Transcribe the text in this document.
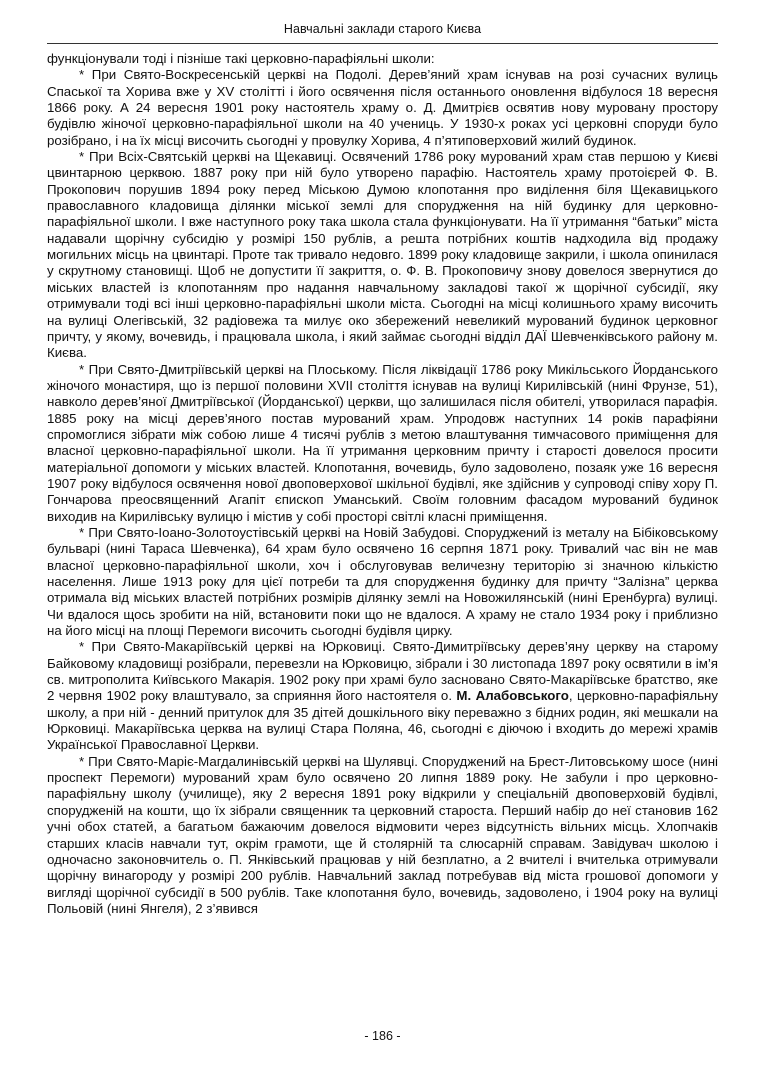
Навчальні заклади старого Києва

функціонували тоді і пізніше такі церковно-парафіяльні школи:

* При Свято-Воскресенській церкві на Подолі. Дерев’яний храм існував на розі сучасних вулиць Спаської та Хорива вже у XV столітті і його освячення після останнього оновлення відбулося 18 вересня 1866 року. А 24 вересня 1901 року настоятель храму о. Д. Дмитрієв освятив нову муровану простору будівлю жіночої церковно-парафіяльної школи на 40 учениць. У 1930-х роках усі церковні споруди було розібрано, і на їх місці височить сьогодні у провулку Хорива, 4 п’ятиповерховий жилий будинок.

* При Всіх-Святській церкві на Щекавиці. Освячений 1786 року мурований храм став першою у Києві цвинтарною церквою. 1887 року при ній було утворено парафію. Настоятель храму протоієрей Ф. В. Прокопович порушив 1894 року перед Міською Думою клопотання про виділення біля Щекавицького православного кладовища ділянки міської землі для спорудження на ній будинку для церковно-парафіяльної школи. І вже наступного року така школа стала функціонувати. На її утримання “батьки” міста надавали щорічну субсидію у розмірі 150 рублів, а решта потрібних коштів надходила від продажу могильних місць на цвинтарі. Проте так тривало недовго. 1899 року кладовище закрили, і школа опинилася у скрутному становищі. Щоб не допустити її закриття, о. Ф. В. Прокоповичу знову довелося звернутися до міських властей із клопотанням про надання навчальному закладові такої ж щорічної субсидії, яку отримували тоді всі інші церковно-парафіяльні школи міста. Сьогодні на місці колишнього храму височить на вулиці Олегівській, 32 радіовежа та милує око збережений невеликий мурований будинок церковног причту, у якому, вочевидь, і працювала школа, і який займає сьогодні відділ ДАЇ Шевченківського району м. Києва.

* При Свято-Дмитріївській церкві на Плоському. Після ліквідації 1786 року Микільського Йорданського жіночого монастиря, що із першої половини XVII століття існував на вулиці Кирилівській (нині Фрунзе, 51), навколо дерев’яної Дмитріївської (Йорданської) церкви, що залишилася після обителі, утворилася парафія. 1885 року на місці дерев’яного постав мурований храм. Упродовж наступних 14 років парафіяни спромоглися зібрати між собою лише 4 тисячі рублів з метою влаштування тимчасового приміщення для власної церковно-парафіяльної школи. На її утримання церковним причту і старості довелося просити матеріальної допомоги у міських властей. Клопотання, вочевидь, було задоволено, позаяк уже 16 вересня 1907 року відбулося освячення нової двоповерхової шкільної будівлі, яке здійснив у супроводі співу хору П. Гончарова преосвященний Агапіт єпископ Уманський. Своїм головним фасадом мурований будинок виходив на Кирилівську вулицю і містив у собі просторі світлі класні приміщення.

* При Свято-Іоано-Золотоустівській церкві на Новій Забудові. Споруджений із металу на Бібіковському бульварі (нині Тараса Шевченка), 64 храм було освячено 16 серпня 1871 року. Тривалий час він не мав власної церковно-парафіяльної школи, хоч і обслуговував величезну територію зі значною кількістю населення. Лише 1913 року для цієї потреби та для спорудження будинку для причту “Залізна” церква отримала від міських властей потрібних розмірів ділянку землі на Новожилянській (нині Еренбурга) вулиці. Чи вдалося щось зробити на ній, встановити поки що не вдалося. А храму не стало 1934 року і приблизно на його місці на площі Перемоги височить сьогодні будівля цирку.

* При Свято-Макаріївській церкві на Юрковиці. Свято-Димитріївську дерев’яну церкву на старому Байковому кладовищі розібрали, перевезли на Юрковицю, зібрали і 30 листопада 1897 року освятили в ім’я св. митрополита Київського Макарія. 1902 року при храмі було засновано Свято-Макаріївське братство, яке 2 червня 1902 року влаштувало, за сприяння його настоятеля о. М. Алабовського, церковно-парафіяльну школу, а при ній - денний притулок для 35 дітей дошкільного віку переважно з бідних родин, які мешкали на Юрковиці. Макаріївська церква на вулиці Стара Поляна, 46, сьогодні є діючою і входить до мережі храмів Української Православної Церкви.

* При Свято-Маріє-Магдалинівській церкві на Шулявці. Споруджений на Брест-Литовському шосе (нині проспект Перемоги) мурований храм було освячено 20 липня 1889 року. Не забули і про церковно-парафіяльну школу (училище), яку 2 вересня 1891 року відкрили у спеціальній двоповерховій будівлі, спорудженій на кошти, що їх зібрали священник та церковний староста. Перший набір до неї становив 162 учні обох статей, а багатьом бажаючим довелося відмовити через відсутність вільних місць. Хлопчаків старших класів навчали тут, окрім грамоти, ще й столярній та слюсарній справам. Завідувач школою і одночасно законовчитель о. П. Янківський працював у ній безплатно, а 2 вчителі і вчителька отримували щорічну винагороду у розмірі 200 рублів. Навчальний заклад потребував від міста грошової допомоги у вигляді щорічної субсидії в 500 рублів. Таке клопотання було, вочевидь, задоволено, і 1904 року на вулиці Польовій (нині Янгеля), 2 з’явився

- 186 -
